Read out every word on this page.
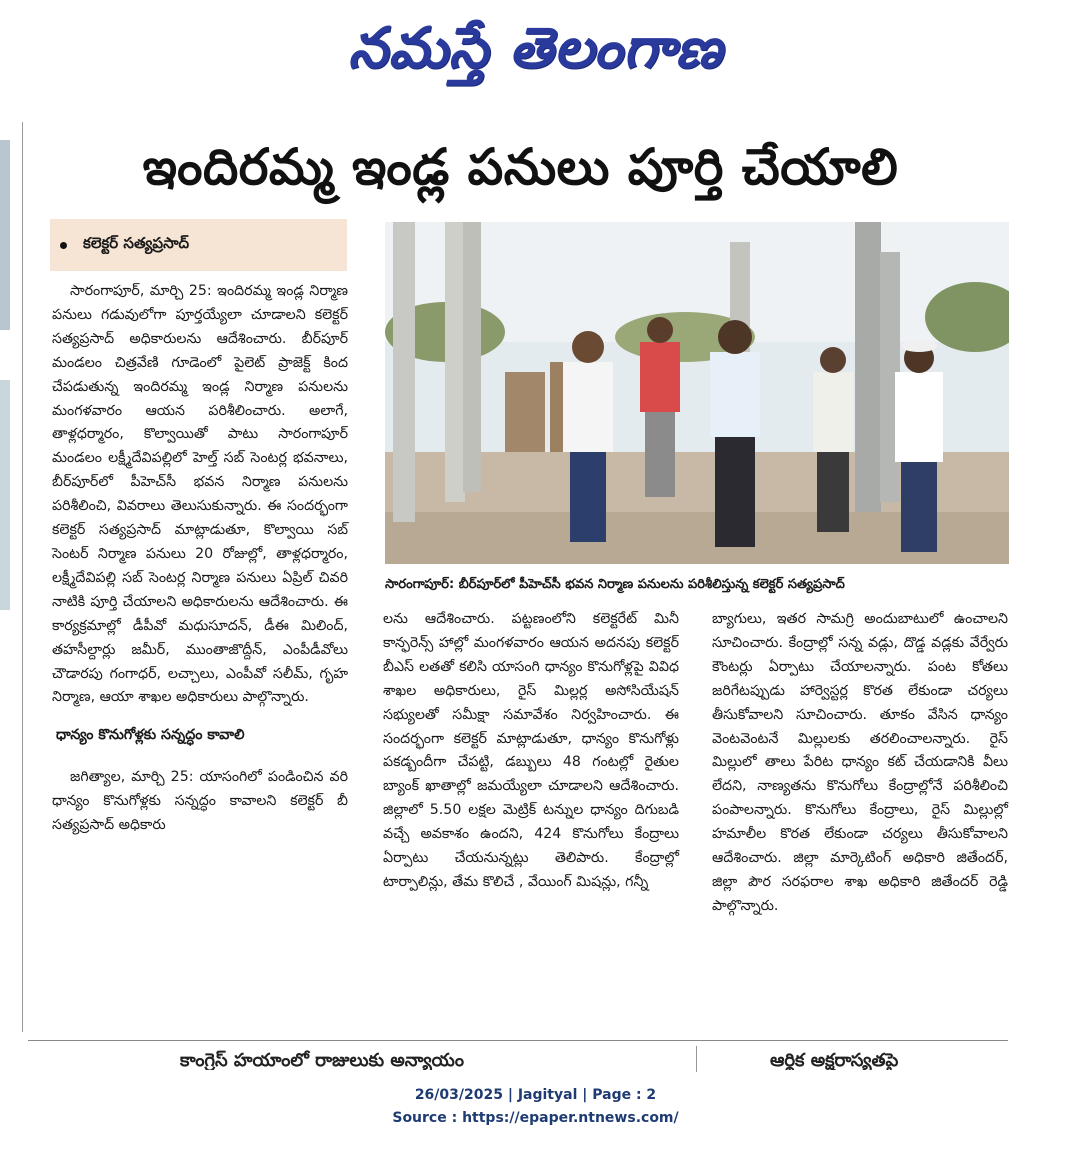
నమస్తే తెలంగాణ
ఇందిరమ్మ ఇండ్ల పనులు పూర్తి చేయాలి
కలెక్టర్ సత్యప్రసాద్
సారంగాపూర్: బీర్‌పూర్‌లో పీహెచ్‌సీ భవన నిర్మాణ పనులను పరిశీలిస్తున్న కలెక్టర్ సత్యప్రసాద్

సారంగాపూర్, మార్చి 25: ఇందిరమ్మ ఇండ్ల నిర్మాణ పనులు గడువులోగా పూర్తయ్యేలా చూడాలని కలెక్టర్ సత్యప్రసాద్ అధికారులను ఆదేశించారు. బీర్‌పూర్ మండలం చిత్రవేణి గూడెంలో పైలెట్ ప్రాజెక్ట్ కింద చేపడుతున్న ఇందిరమ్మ ఇండ్ల నిర్మాణ పనులను మంగళవారం ఆయన పరిశీలించారు. అలాగే, తాళ్లధర్మారం, కొల్వాయితో పాటు సారంగాపూర్ మండలం లక్ష్మీదేవిపల్లిలో హెల్త్ సబ్ సెంటర్ల భవనాలు, బీర్‌పూర్‌లో పీహెచ్‌సీ భవన నిర్మాణ పనులను పరిశీలించి, వివరాలు తెలుసుకున్నారు. ఈ సందర్భంగా కలెక్టర్ సత్యప్రసాద్ మాట్లాడుతూ, కొల్వాయి సబ్ సెంటర్ నిర్మాణ పనులు 20 రోజుల్లో, తాళ్లధర్మారం, లక్ష్మీదేవిపల్లి సబ్ సెంటర్ల నిర్మాణ పనులు ఏప్రిల్ చివరి నాటికి పూర్తి చేయాలని అధికారులను ఆదేశించారు. ఈ కార్యక్రమాల్లో డీపీవో మధుసూదన్, డీఈ మిలింద్, తహసీల్దార్లు జమీర్, ముంతాజొద్దీన్, ఎంపీడీవోలు చౌడారపు గంగాధర్, లచ్చాలు, ఎంపీవో సలీమ్, గృహ నిర్మాణ, ఆయా శాఖల అధికారులు పాల్గొన్నారు.

ధాన్యం కొనుగోళ్లకు సన్నద్ధం కావాలి

జగిత్యాల, మార్చి 25: యాసంగిలో పండించిన వరి ధాన్యం కొనుగోళ్లకు సన్నద్ధం కావాలని కలెక్టర్ బీ సత్యప్రసాద్ అధికారు

లను ఆదేశించారు. పట్టణంలోని కలెక్టరేట్ మినీ కాన్ఫరెన్స్ హాల్లో మంగళవారం ఆయన అదనపు కలెక్టర్ బీఎస్ లతతో కలిసి యాసంగి ధాన్యం కొనుగోళ్లపై వివిధ శాఖల అధికారులు, రైస్ మిల్లర్ల అసోసియేషన్ సభ్యులతో సమీక్షా సమావేశం నిర్వహించారు. ఈ సందర్భంగా కలెక్టర్ మాట్లాడుతూ, ధాన్యం కొనుగోళ్లు పకడ్బందీగా చేపట్టి, డబ్బులు 48 గంటల్లో రైతుల బ్యాంక్ ఖాతాల్లో జమయ్యేలా చూడాలని ఆదేశించారు. జిల్లాలో 5.50 లక్షల మెట్రిక్ టన్నుల ధాన్యం దిగుబడి వచ్చే అవకాశం ఉందని, 424 కొనుగోలు కేంద్రాలు ఏర్పాటు చేయనున్నట్లు తెలిపారు. కేంద్రాల్లో టార్పాలిన్లు, తేమ కొలిచే , వేయింగ్ మిషన్లు, గన్నీ

బ్యాగులు, ఇతర సామగ్రి అందుబాటులో ఉంచాలని సూచించారు. కేంద్రాల్లో సన్న వడ్లు, దొడ్డ వడ్లకు వేర్వేరు కౌంటర్లు ఏర్పాటు చేయాలన్నారు. పంట కోతలు జరిగేటప్పుడు హార్వెస్టర్ల కొరత లేకుండా చర్యలు తీసుకోవాలని సూచించారు. తూకం వేసిన ధాన్యం వెంటవెంటనే మిల్లులకు తరలించాలన్నారు. రైస్ మిల్లులో తాలు పేరిట ధాన్యం కట్ చేయడానికి వీలు లేదని, నాణ్యతను కొనుగోలు కేంద్రాల్లోనే పరిశీలించి పంపాలన్నారు. కొనుగోలు కేంద్రాలు, రైస్ మిల్లుల్లో హమాలీల కొరత లేకుండా చర్యలు తీసుకోవాలని ఆదేశించారు. జిల్లా మార్కెటింగ్ అధికారి జితేందర్, జిల్లా పౌర సరఫరాల శాఖ అధికారి జితేందర్ రెడ్డి పాల్గొన్నారు.

కాంగ్రెస్ హయాంలో రాజులుకు అన్యాయం	ఆర్థిక అక్షరాస్యతపై
26/03/2025 | Jagityal | Page : 2
Source : https://epaper.ntnews.com/
